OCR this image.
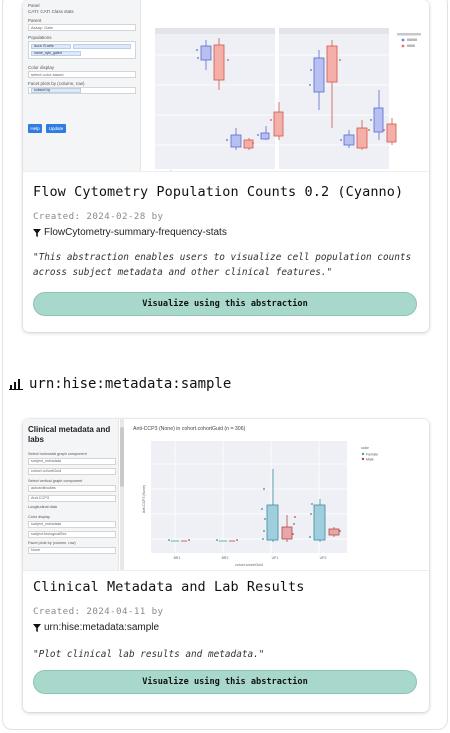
Panel
CATI: CATI Class stats
Parent
Assay: Gate
Populations
Aura: B cells
name_cyto_gated
Color display
select color-based
Facet plots by (column, row)
subsort by
Help	Update
Flow Cytometry Population Counts 0.2 (Cyanno)
Created: 2024-02-28 by
FlowCytometry-summary-frequency-stats
"This abstraction enables users to visualize cell population counts across subject metadata and other clinical features."
Visualize using this abstraction
urn:hise:metadata:sample
Clinical metadata and labs
Select horizontal graph component
subject_metadata
cohort.cohortGuid
Select vertical graph component
autoantibodies
Anti-CCP3
Longitudinal data
Color display
subject_metadata
subject.biologicalSex
Facet plots by (column, row)
None
Anti-CCP3 (None) in cohort.cohortGuid (n = 306)
Anti-CCP3 (None)
BR1	BR2	UP1	UP2
cohort.cohortGuid
color
Female
Male
Clinical Metadata and Lab Results
Created: 2024-04-11 by
urn:hise:metadata:sample
"Plot clinical lab results and metadata."
Visualize using this abstraction
